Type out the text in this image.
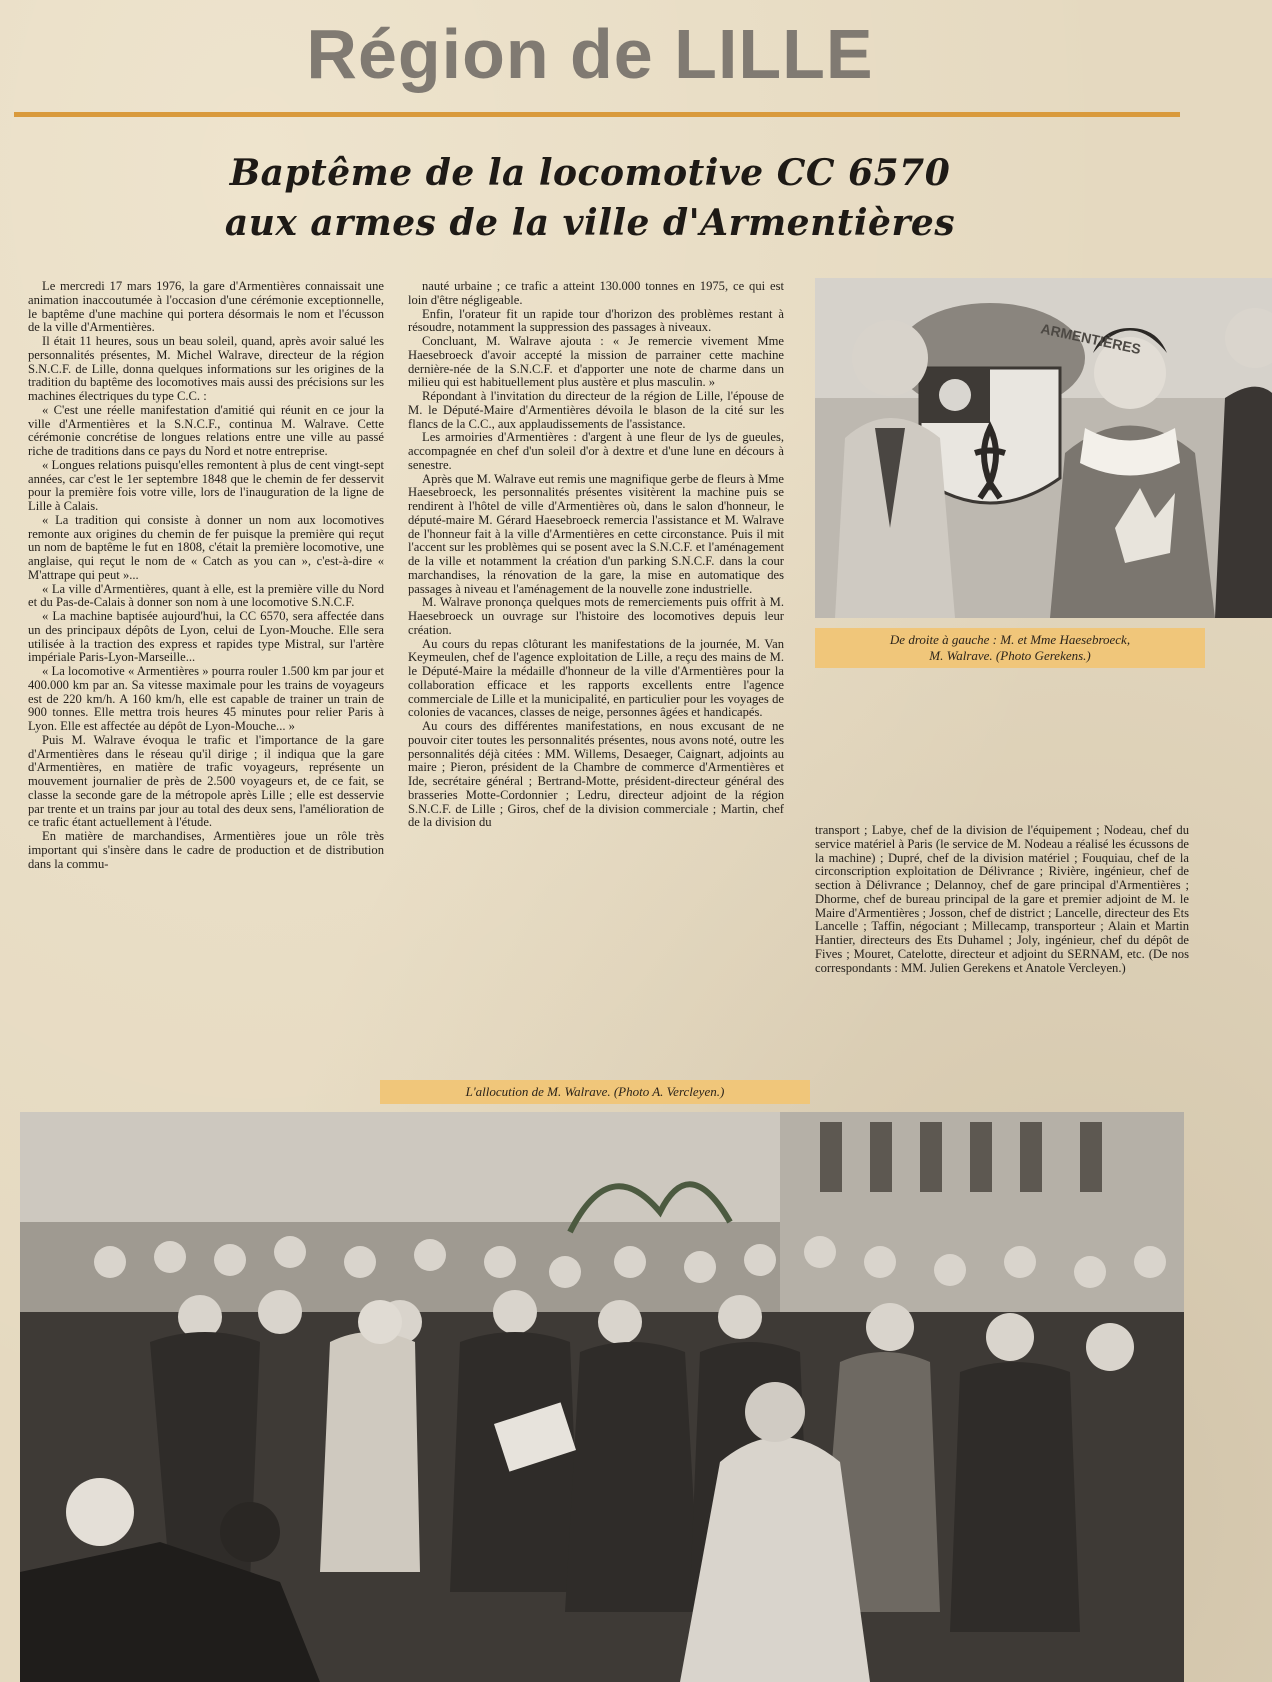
Région de LILLE
Baptême de la locomotive CC 6570
aux armes de la ville d'Armentières

Le mercredi 17 mars 1976, la gare d'Armentières connaissait une animation inaccoutumée à l'occasion d'une cérémonie exceptionnelle, le baptême d'une machine qui portera désormais le nom et l'écusson de la ville d'Armentières.

Il était 11 heures, sous un beau soleil, quand, après avoir salué les personnalités présentes, M. Michel Walrave, directeur de la région S.N.C.F. de Lille, donna quelques informations sur les origines de la tradition du baptême des locomotives mais aussi des précisions sur les machines électriques du type C.C. :

« C'est une réelle manifestation d'amitié qui réunit en ce jour la ville d'Armentières et la S.N.C.F., continua M. Walrave. Cette cérémonie concrétise de longues relations entre une ville au passé riche de traditions dans ce pays du Nord et notre entreprise.

« Longues relations puisqu'elles remontent à plus de cent vingt-sept années, car c'est le 1er septembre 1848 que le chemin de fer desservit pour la première fois votre ville, lors de l'inauguration de la ligne de Lille à Calais.

« La tradition qui consiste à donner un nom aux locomotives remonte aux origines du chemin de fer puisque la première qui reçut un nom de baptême le fut en 1808, c'était la première locomotive, une anglaise, qui reçut le nom de « Catch as you can », c'est-à-dire « M'attrape qui peut »...

« La ville d'Armentières, quant à elle, est la première ville du Nord et du Pas-de-Calais à donner son nom à une locomotive S.N.C.F.

« La machine baptisée aujourd'hui, la CC 6570, sera affectée dans un des principaux dépôts de Lyon, celui de Lyon-Mouche. Elle sera utilisée à la traction des express et rapides type Mistral, sur l'artère impériale Paris-Lyon-Marseille...

« La locomotive « Armentières » pourra rouler 1.500 km par jour et 400.000 km par an. Sa vitesse maximale pour les trains de voyageurs est de 220 km/h. A 160 km/h, elle est capable de trainer un train de 900 tonnes. Elle mettra trois heures 45 minutes pour relier Paris à Lyon. Elle est affectée au dépôt de Lyon-Mouche... »

Puis M. Walrave évoqua le trafic et l'importance de la gare d'Armentières dans le réseau qu'il dirige ; il indiqua que la gare d'Armentières, en matière de trafic voyageurs, représente un mouvement journalier de près de 2.500 voyageurs et, de ce fait, se classe la seconde gare de la métropole après Lille ; elle est desservie par trente et un trains par jour au total des deux sens, l'amélioration de ce trafic étant actuellement à l'étude.

En matière de marchandises, Armentières joue un rôle très important qui s'insère dans le cadre de production et de distribution dans la commu-

nauté urbaine ; ce trafic a atteint 130.000 tonnes en 1975, ce qui est loin d'être négligeable.

Enfin, l'orateur fit un rapide tour d'horizon des problèmes restant à résoudre, notamment la suppression des passages à niveaux.

Concluant, M. Walrave ajouta : « Je remercie vivement Mme Haesebroeck d'avoir accepté la mission de parrainer cette machine dernière-née de la S.N.C.F. et d'apporter une note de charme dans un milieu qui est habituellement plus austère et plus masculin. »

Répondant à l'invitation du directeur de la région de Lille, l'épouse de M. le Député-Maire d'Armentières dévoila le blason de la cité sur les flancs de la C.C., aux applaudissements de l'assistance.

Les armoiries d'Armentières : d'argent à une fleur de lys de gueules, accompagnée en chef d'un soleil d'or à dextre et d'une lune en décours à senestre.

Après que M. Walrave eut remis une magnifique gerbe de fleurs à Mme Haesebroeck, les personnalités présentes visitèrent la machine puis se rendirent à l'hôtel de ville d'Armentières où, dans le salon d'honneur, le député-maire M. Gérard Haesebroeck remercia l'assistance et M. Walrave de l'honneur fait à la ville d'Armentières en cette circonstance. Puis il mit l'accent sur les problèmes qui se posent avec la S.N.C.F. et l'aménagement de la ville et notamment la création d'un parking S.N.C.F. dans la cour marchandises, la rénovation de la gare, la mise en automatique des passages à niveau et l'aménagement de la nouvelle zone industrielle.

M. Walrave prononça quelques mots de remerciements puis offrit à M. Haesebroeck un ouvrage sur l'histoire des locomotives depuis leur création.

Au cours du repas clôturant les manifestations de la journée, M. Van Keymeulen, chef de l'agence exploitation de Lille, a reçu des mains de M. le Député-Maire la médaille d'honneur de la ville d'Armentières pour la collaboration efficace et les rapports excellents entre l'agence commerciale de Lille et la municipalité, en particulier pour les voyages de colonies de vacances, classes de neige, personnes âgées et handicapés.

Au cours des différentes manifestations, en nous excusant de ne pouvoir citer toutes les personnalités présentes, nous avons noté, outre les personnalités déjà citées : MM. Willems, Desaeger, Caignart, adjoints au maire ; Pieron, président de la Chambre de commerce d'Armentières et Ide, secrétaire général ; Bertrand-Motte, président-directeur général des brasseries Motte-Cordonnier ; Ledru, directeur adjoint de la région S.N.C.F. de Lille ; Giros, chef de la division commerciale ; Martin, chef de la division du

ARMENTIÈRES
De droite à gauche : M. et Mme Haesebroeck,
M. Walrave. (Photo Gerekens.)

transport ; Labye, chef de la division de l'équipement ; Nodeau, chef du service matériel à Paris (le service de M. Nodeau a réalisé les écussons de la machine) ; Dupré, chef de la division matériel ; Fouquiau, chef de la circonscription exploitation de Délivrance ; Rivière, ingénieur, chef de section à Délivrance ; Delannoy, chef de gare principal d'Armentières ; Dhorme, chef de bureau principal de la gare et premier adjoint de M. le Maire d'Armentières ; Josson, chef de district ; Lancelle, directeur des Ets Lancelle ; Taffin, négociant ; Millecamp, transporteur ; Alain et Martin Hantier, directeurs des Ets Duhamel ; Joly, ingénieur, chef du dépôt de Fives ; Mouret, Catelotte, directeur et adjoint du SERNAM, etc. (De nos correspondants : MM. Julien Gerekens et Anatole Vercleyen.)

L'allocution de M. Walrave. (Photo A. Vercleyen.)
